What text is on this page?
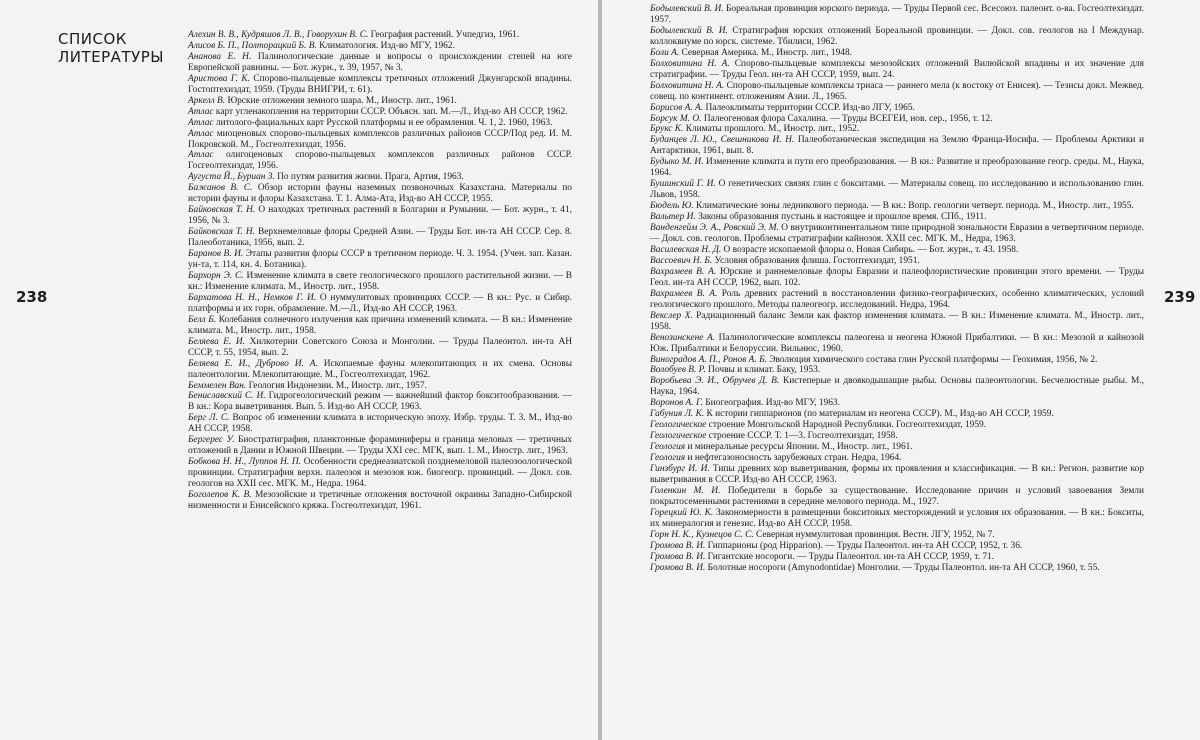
СПИСОК
ЛИТЕРАТУРЫ
238
Алехин В. В., Кудряшов Л. В., Говорухин В. С. География растений. Учпедгиз, 1961.
Алисов Б. П., Полторацкий Б. В. Климатология. Изд-во МГУ, 1962.
Ананова Е. Н. Палинологические данные и вопросы о происхождении степей на юге Европейской равнины. — Бот. журн., т. 39, 1957, № 3.
Аристова Г. К. Спорово-пыльцевые комплексы третичных отложений Джунгарской впадины. Гостоптехиздат, 1959. (Труды ВНИГРИ, т. 61).
Аркелл В. Юрские отложения земного шара. М., Иностр. лит., 1961.
Атлас карт угленакопления на территории СССР. Объясн. зап. М.—Л., Изд-во АН СССР, 1962.
Атлас литолого-фациальных карт Русской платформы и ее обрамления. Ч. 1, 2. 1960, 1963.
Атлас миоценовых спорово-пыльцевых комплексов различных районов СССР/Под ред. И. М. Покровской. М., Госгеолтехиздат, 1956.
Атлас олигоценовых спорово-пыльцевых комплексов различных районов СССР. Госгеолтехиздат, 1956.
Аугуста Й., Буриан З. По путям развития жизни. Прага, Артия, 1963.
Бажанов В. С. Обзор истории фауны наземных позвоночных Казахстана. Материалы по истории фауны и флоры Казахстана. Т. 1. Алма-Ата, Изд-во АН СССР, 1955.
Байковская Т. Н. О находках третичных растений в Болгарии и Румынии. — Бот. журн., т. 41, 1956, № 3.
Байковская Т. Н. Верхнемеловые флоры Средней Азии. — Труды Бот. ин-та АН СССР. Сер. 8. Палеоботаника, 1956, вып. 2.
Баранов В. И. Этапы развития флоры СССР в третичном периоде. Ч. 3. 1954. (Учен. зап. Казан. ун-та, т. 114, кн. 4. Ботаника).
Бархорн Э. С. Изменение климата в свете геологического прошлого растительной жизни. — В кн.: Изменение климата. М., Иностр. лит., 1958.
Бархатова Н. Н., Немков Г. И. О нуммулитовых провинциях СССР. — В кн.: Рус. и Сибир. платформы и их горн. обрамление. М.—Л., Изд-во АН СССР, 1963.
Белл Б. Колебания солнечного излучения как причина изменений климата. — В кн.: Изменение климата. М., Иностр. лит., 1958.
Беляева Е. И. Хилкотерии Советского Союза и Монголии. — Труды Палеонтол. ин-та АН СССР, т. 55, 1954, вып. 2.
Беляева Е. И., Дуброво И. А. Ископаемые фауны млекопитающих и их смена. Основы палеонтологии. Млекопитающие. М., Госгеолтехиздат, 1962.
Беммелен Ван. Геология Индонезии. М., Иностр. лит., 1957.
Бениславский С. И. Гидрогеологический режим — важнейший фактор бокситообразования. — В кн.: Кора выветривания. Вып. 5. Изд-во АН СССР, 1963.
Берг Л. С. Вопрос об изменении климата в историческую эпоху. Избр. труды. Т. 3. М., Изд-во АН СССР, 1958.
Бергерес У. Биостратиграфия, планктонные фораминиферы и граница меловых — третичных отложений в Дании и Южной Швеции. — Труды XXI сес. МГК, вып. 1. М., Иностр. лит., 1963.
Бобкова Н. Н., Луппов Н. П. Особенности среднеазиатской позднемеловой палеозоологической провинции. Стратиграфия верхн. палеозоя и мезозоя юж. биогеогр. провинций. — Докл. сов. геологов на XXII сес. МГК. М., Недра. 1964.
Боголепов К. В. Мезозойские и третичные отложения восточной окраины Западно-Сибирской низменности и Енисейского кряжа. Госгеолтехиздат, 1961.
239
Бодылевский В. И. Бореальная провинция юрского периода. — Труды Первой сес. Всесоюз. палеонт. о-ва. Госгеолтехиздат. 1957.
Бодылевский В. И. Стратиграфия юрских отложений Бореальной провинции. — Докл. сов. геологов на I Междунар. коллоквиуме по юрск. системе. Тбилиси, 1962.
Боли А. Северная Америка. М., Иностр. лит., 1948.
Болховитина Н. А. Спорово-пыльцевые комплексы мезозойских отложений Вилюйской впадины и их значение для стратиграфии. — Труды Геол. ин-та АН СССР, 1959, вып. 24.
Болховитина Н. А. Спорово-пыльцевые комплексы триаса — раннего мела (к востоку от Енисея). — Тезисы докл. Межвед. совещ. по континент. отложениям Азии. Л., 1965.
Борисов А. А. Палеоклиматы территории СССР. Изд-во ЛГУ, 1965.
Борсук М. О. Палеогеновая флора Сахалина. — Труды ВСЕГЕИ, нов. сер., 1956, т. 12.
Брукс К. Климаты прошлого. М., Иностр. лит., 1952.
Буданцев Л. Ю., Свешникова И. Н. Палеоботаническая экспедиция на Землю Франца-Иосифа. — Проблемы Арктики и Антарктики, 1961, вып. 8.
Будыко М. И. Изменение климата и пути его преобразования. — В кн.: Развитие и преобразование геогр. среды. М., Наука, 1964.
Бушинский Г. И. О генетических связях глин с бокситами. — Материалы совещ. по исследованию и использованию глин. Львов, 1958.
Бюдель Ю. Климатические зоны ледникового периода. — В кн.: Вопр. геологии четверт. периода. М., Иностр. лит., 1955.
Вальтер И. Законы образования пустынь в настоящее и прошлое время. СПб., 1911.
Ванденгейм Э. А., Ровский Э. М. О внутриконтинентальном типе природной зональности Евразии в четвертичном периоде. — Докл. сов. геологов. Проблемы стратиграфии кайнозоя. XXII сес. МГК. М., Недра, 1963.
Василевская Н. Д. О возрасте ископаемой флоры о. Новая Сибирь. — Бот. журн., т. 43. 1958.
Вассоевич Н. Б. Условия образования флиша. Гостоптехиздат, 1951.
Вахрамеев В. А. Юрские и раннемеловые флоры Евразии и палеофлористические провинции этого времени. — Труды Геол. ин-та АН СССР, 1962, вып. 102.
Вахрамеев В. А. Роль древних растений в восстановлении физико-географических, особенно климатических, условий геологического прошлого. Методы палеогеогр. исследований. Недра, 1964.
Векслер Х. Радиационный баланс Земли как фактор изменения климата. — В кн.: Изменение климата. М., Иностр. лит., 1958.
Венозинскене А. Палинологические комплексы палеогена и неогена Южной Прибалтики. — В кн.: Мезозой и кайнозой Юж. Прибалтики и Белоруссии. Вильнюс, 1960.
Виноградов А. П., Ронов А. Б. Эволюция химического состава глин Русской платформы — Геохимия, 1956, № 2.
Волобуев В. Р. Почвы и климат. Баку, 1953.
Воробьева Э. И., Обручев Д. В. Кистеперые и двоякодышащие рыбы. Основы палеонтологии. Бесчелюстные рыбы. М., Наука, 1964.
Воронов А. Г. Биогеография. Изд-во МГУ, 1963.
Габуния Л. К. К истории гиппарионов (по материалам из неогена СССР). М., Изд-во АН СССР, 1959.
Геологическое строение Монгольской Народной Республики. Госгеолтехиздат, 1959.
Геологическое строение СССР. Т. 1—3. Госгеолтехиздат, 1958.
Геология и минеральные ресурсы Японии. М., Иностр. лит., 1961.
Геология и нефтегазоносность зарубежных стран. Недра, 1964.
Гинзбург И. И. Типы древних кор выветривания, формы их проявления и классификация. — В кн.: Регион. развитие кор выветривания в СССР. Изд-во АН СССР, 1963.
Голенкин М. И. Победители в борьбе за существование. Исследование причин и условий завоевания Земли покрытосеменными растениями в середине мелового периода. М., 1927.
Горецкий Ю. К. Закономерности в размещении бокситовых месторождений и условия их образования. — В кн.: Бокситы, их минералогия и генезис. Изд-во АН СССР, 1958.
Горн Н. К., Кузнецов С. С. Северная нуммулитовая провинция. Вестн. ЛГУ, 1952, № 7.
Громова В. И. Гиппарионы (род Hipparion). — Труды Палеонтол. ин-та АН СССР, 1952, т. 36.
Громова В. И. Гигантские носороги. — Труды Палеонтол. ин-та АН СССР, 1959, т. 71.
Громова В. И. Болотные носороги (Amynodontidae) Монголии. — Труды Палеонтол. ин-та АН СССР, 1960, т. 55.
